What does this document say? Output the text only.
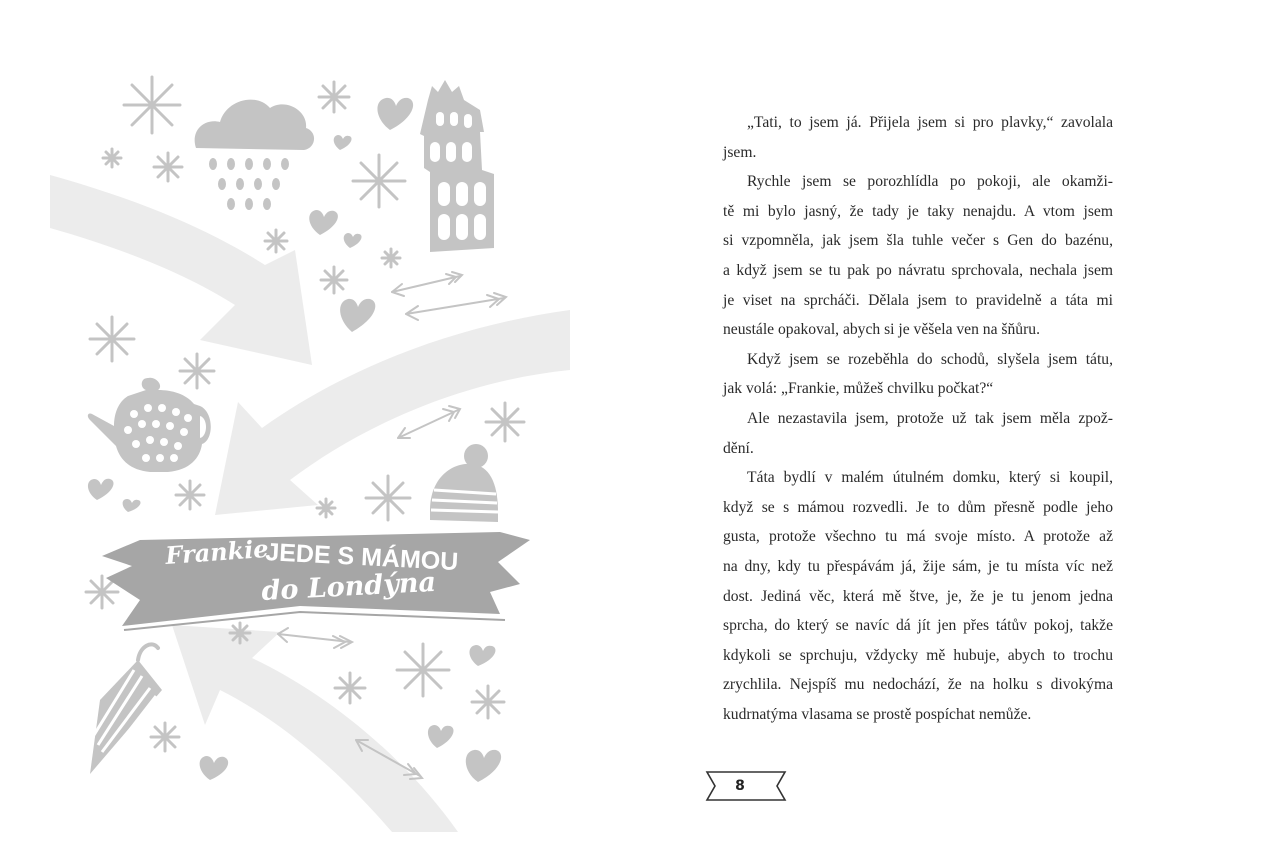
Frankie
JEDE S MÁMOU
do Londýna
„Tati, to jsem já. Přijela jsem si pro plavky,“ zavolala
jsem.
Rychle jsem se porozhlídla po pokoji, ale okamži-
tě mi bylo jasný, že tady je taky nenajdu. A vtom jsem
si vzpomněla, jak jsem šla tuhle večer s Gen do bazénu,
a když jsem se tu pak po návratu sprchovala, nechala jsem
je viset na sprcháči. Dělala jsem to pravidelně a táta mi
neustále opakoval, abych si je věšela ven na šňůru.
Když jsem se rozeběhla do schodů, slyšela jsem tátu,
jak volá: „Frankie, můžeš chvilku počkat?“
Ale nezastavila jsem, protože už tak jsem měla zpož-
dění.
Táta bydlí v malém útulném domku, který si koupil,
když se s mámou rozvedli. Je to dům přesně podle jeho
gusta, protože všechno tu má svoje místo. A protože až
na dny, kdy tu přespávám já, žije sám, je tu místa víc než
dost. Jediná věc, která mě štve, je, že je tu jenom jedna
sprcha, do který se navíc dá jít jen přes tátův pokoj, takže
kdykoli se sprchuju, vždycky mě hubuje, abych to trochu
zrychlila. Nejspíš mu nedochází, že na holku s divokýma
kudrnatýma vlasama se prostě pospíchat nemůže.
8
